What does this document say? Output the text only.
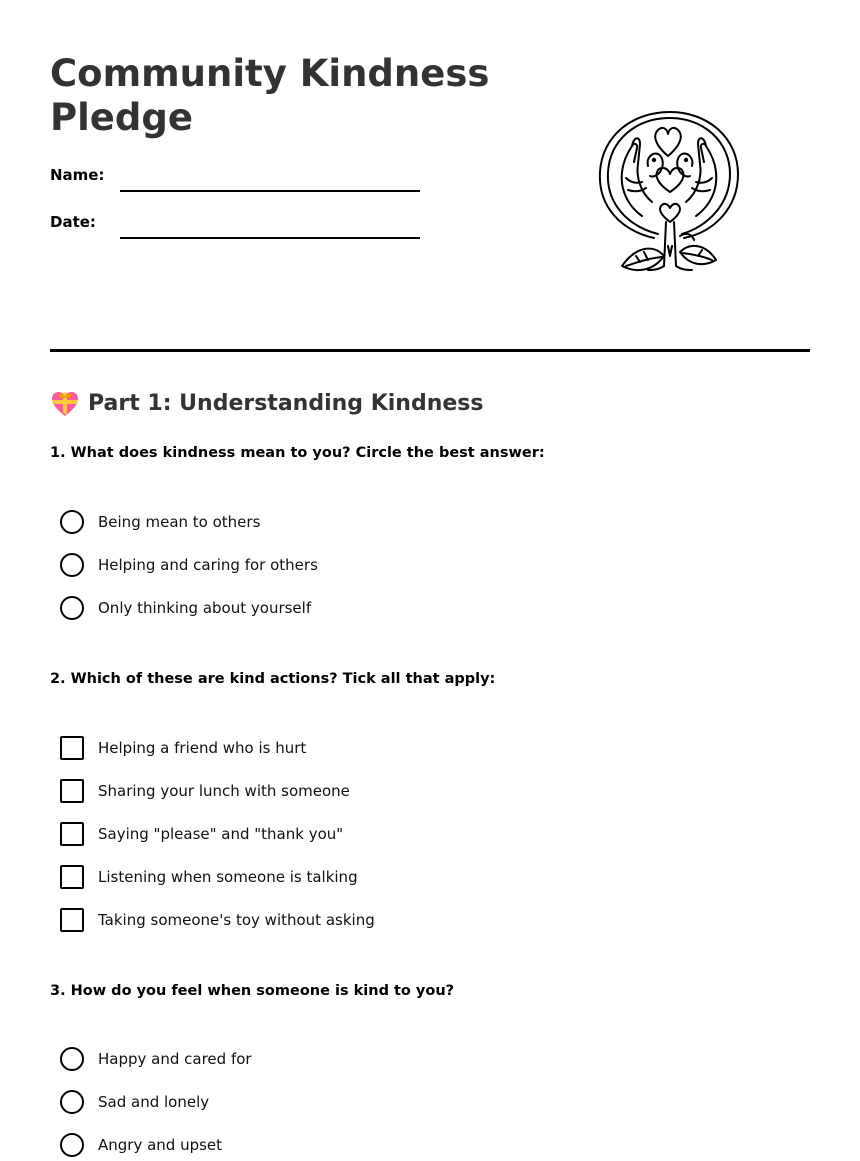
Community Kindness Pledge
Name:
Date:
Part 1: Understanding Kindness

1. What does kindness mean to you? Circle the best answer:

Being mean to others
Helping and caring for others
Only thinking about yourself

2. Which of these are kind actions? Tick all that apply:

Helping a friend who is hurt
Sharing your lunch with someone
Saying "please" and "thank you"
Listening when someone is talking
Taking someone's toy without asking

3. How do you feel when someone is kind to you?

Happy and cared for
Sad and lonely
Angry and upset
